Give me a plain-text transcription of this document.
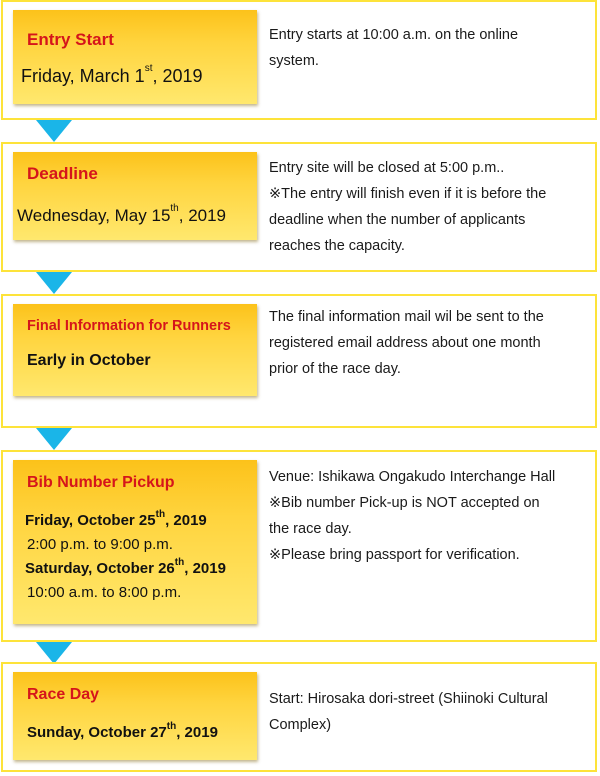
Entry Start
Friday, March 1st, 2019

Entry starts at 10:00 a.m. on the online

system.

Deadline
Wednesday, May 15th, 2019

Entry site will be closed at 5:00 p.m..

※The entry will finish even if it is before the

deadline when the number of applicants

reaches the capacity.

Final Information for Runners
Early in October

The final information mail wil be sent to the

registered email address about one month

prior of the race day.

Bib Number Pickup
Friday, October 25th, 2019
2:00 p.m. to 9:00 p.m.
Saturday, October 26th, 2019
10:00 a.m. to 8:00 p.m.

Venue: Ishikawa Ongakudo Interchange Hall

※Bib number Pick-up is NOT accepted on

the race day.

※Please bring passport for verification.

Race Day
Sunday, October 27th, 2019

Start: Hirosaka dori-street (Shiinoki Cultural

Complex)
